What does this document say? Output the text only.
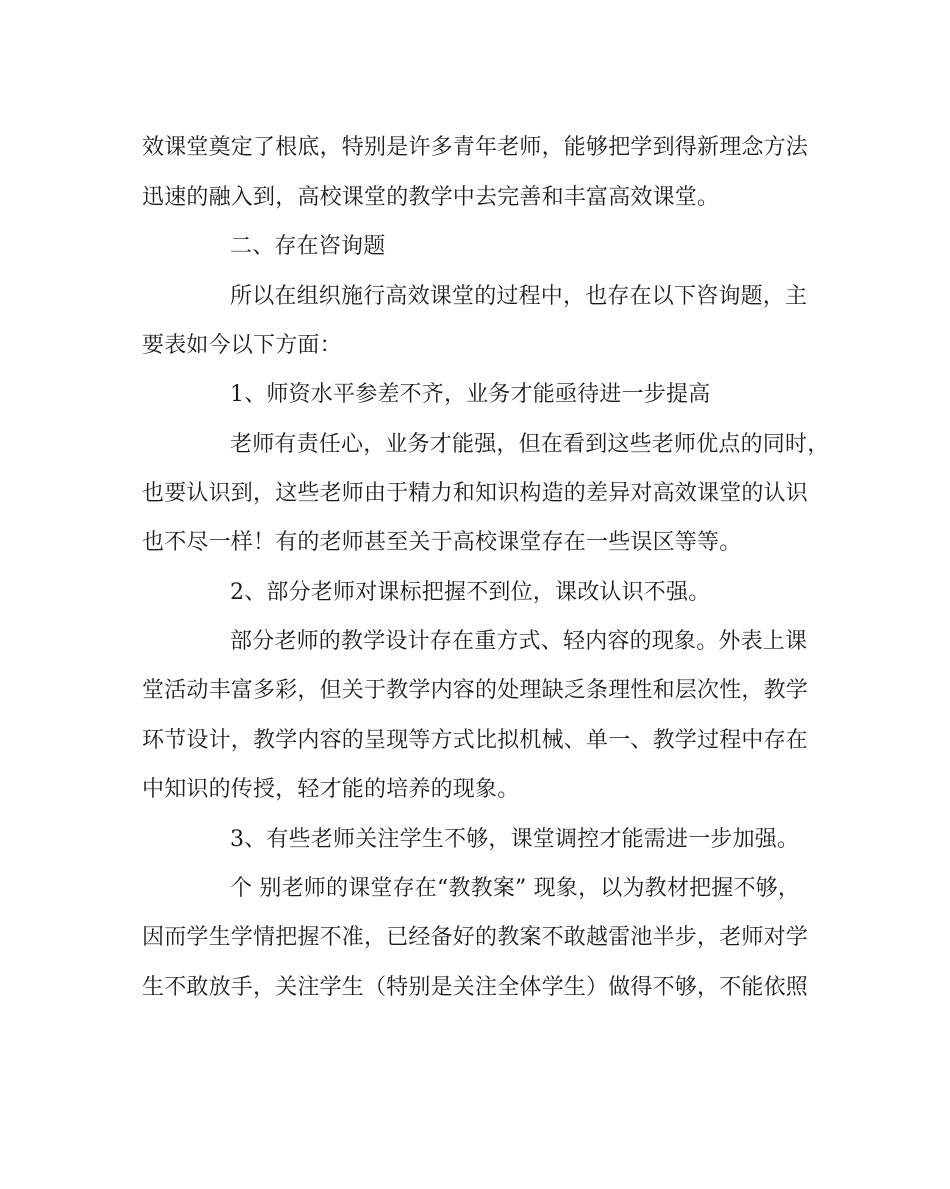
效课堂奠定了根底，特别是许多青年老师，能够把学到得新理念方法
迅速的融入到，高校课堂的教学中去完善和丰富高效课堂。
二、存在咨询题
所以在组织施行高效课堂的过程中，也存在以下咨询题，主
要表如今以下方面：
1、师资水平参差不齐，业务才能亟待进一步提高
老师有责任心，业务才能强，但在看到这些老师优点的同时，
也要认识到，这些老师由于精力和知识构造的差异对高效课堂的认识
也不尽一样！有的老师甚至关于高校课堂存在一些误区等等。
2、部分老师对课标把握不到位，课改认识不强。
部分老师的教学设计存在重方式、轻内容的现象。外表上课
堂活动丰富多彩，但关于教学内容的处理缺乏条理性和层次性，教学
环节设计，教学内容的呈现等方式比拟机械、单一、教学过程中存在
中知识的传授，轻才能的培养的现象。
3、有些老师关注学生不够，课堂调控才能需进一步加强。
个 别老师的课堂存在“教教案” 现象，以为教材把握不够，
因而学生学情把握不准，已经备好的教案不敢越雷池半步，老师对学
生不敢放手，关注学生（特别是关注全体学生）做得不够，不能依照
